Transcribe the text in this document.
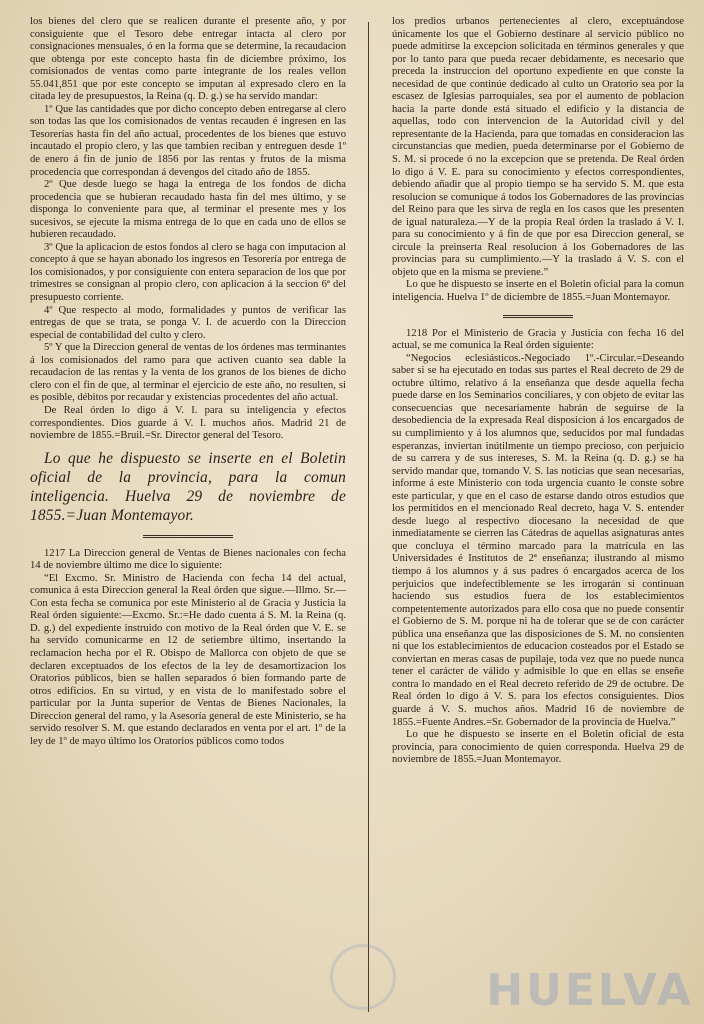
los bienes del clero que se realicen durante el presente año, y por consiguiente que el Tesoro debe entregar intacta al clero por consignaciones mensuales, ó en la forma que se determine, la recaudacion que obtenga por este concepto hasta fin de diciembre próximo, los comisionados de ventas como parte integrante de los reales vellon 55.041,851 que por este concepto se imputan al expresado clero en la citada ley de presupuestos, la Reina (q. D. g.) se ha servido mandar:

1º Que las cantidades que por dicho concepto deben entregarse al clero son todas las que los comisionados de ventas recauden é ingresen en las Tesorerías hasta fin del año actual, procedentes de los bienes que estuvo incautado el propio clero, y las que tambien reciban y entreguen desde 1º de enero á fin de junio de 1856 por las rentas y frutos de la misma procedencia que correspondan á devengos del citado año de 1855.

2º Que desde luego se haga la entrega de los fondos de dicha procedencia que se hubieran recaudado hasta fin del mes último, y se disponga lo conveniente para que, al terminar el presente mes y los sucesivos, se ejecute la misma entrega de lo que en cada uno de ellos se hubieren recaudado.

3º Que la aplicacion de estos fondos al clero se haga con imputacion al concepto á que se hayan abonado los ingresos en Tesorería por entrega de los comisionados, y por consiguiente con entera separacion de los que por trimestres se consignan al propio clero, con aplicacion á la seccion 6ª del presupuesto corriente.

4º Que respecto al modo, formalidades y puntos de verificar las entregas de que se trata, se ponga V. I. de acuerdo con la Direccion especial de contabilidad del culto y clero.

5º Y que la Direccion general de ventas de los órdenes mas terminantes á los comisionados del ramo para que activen cuanto sea dable la recaudacion de las rentas y la venta de los granos de los bienes de dicho clero con el fin de que, al terminar el ejercicio de este año, no resulten, si es posible, débitos por recaudar y existencias procedentes del año actual.

De Real órden lo digo á V. I. para su inteligencia y efectos correspondientes. Dios guarde á V. I. muchos años. Madrid 21 de noviembre de 1855.=Bruil.=Sr. Director general del Tesoro.

Lo que he dispuesto se inserte en el Boletin oficial de la provincia, para la comun inteligencia. Huelva 29 de noviembre de 1855.=Juan Montemayor.

1217 La Direccion general de Ventas de Bienes nacionales con fecha 14 de noviembre último me dice lo siguiente:

“El Excmo. Sr. Ministro de Hacienda con fecha 14 del actual, comunica á esta Direccion general la Real órden que sigue.—Illmo. Sr.—Con esta fecha se comunica por este Ministerio al de Gracia y Justicia la Real órden siguiente:—Excmo. Sr.:=He dado cuenta á S. M. la Reina (q. D. g.) del expediente instruido con motivo de la Real órden que V. E. se ha servido comunicarme en 12 de setiembre último, insertando la reclamacion hecha por el R. Obispo de Mallorca con objeto de que se declaren exceptuados de los efectos de la ley de desamortizacion los Oratorios públicos, bien se hallen separados ó bien formando parte de otros edificios. En su virtud, y en vista de lo manifestado sobre el particular por la Junta superior de Ventas de Bienes Nacionales, la Direccion general del ramo, y la Asesoría general de este Ministerio, se ha servido resolver S. M. que estando declarados en venta por el art. 1º de la ley de 1º de mayo último los Oratorios públicos como todos

los predios urbanos pertenecientes al clero, exceptuándose únicamente los que el Gobierno destinare al servicio público no puede admitirse la excepcion solicitada en términos generales y que por lo tanto para que pueda recaer debidamente, es necesario que preceda la instruccion del oportuno expediente en que conste la necesidad de que continúe dedicado al culto un Oratorio sea por la escasez de Iglesias parroquiales, sea por el aumento de poblacion hacia la parte donde está situado el edificio y la distancia de aquellas, todo con intervencion de la Autoridad civil y del representante de la Hacienda, para que tomadas en consideracion las circunstancias que medien, pueda determinarse por el Gobierno de S. M. si procede ó no la excepcion que se pretenda. De Real órden lo digo á V. E. para su conocimiento y efectos correspondientes, debiendo añadir que al propio tiempo se ha servido S. M. que esta resolucion se comunique á todos los Gobernadores de las provincias del Reino para que les sirva de regla en los casos que les presenten de igual naturaleza.—Y de la propia Real órden la traslado á V. I. para su conocimiento y á fin de que por esa Direccion general, se circule la preinserta Real resolucion á los Gobernadores de las provincias para su cumplimiento.—Y la traslado á V. S. con el objeto que en la misma se previene.”

Lo que he dispuesto se inserte en el Boletin oficial para la comun inteligencia. Huelva 1º de diciembre de 1855.=Juan Montemayor.

1218 Por el Ministerio de Gracia y Justicia con fecha 16 del actual, se me comunica la Real órden siguiente:

“Negocios eclesiásticos.-Negociado 1º.-Circular.=Deseando saber si se ha ejecutado en todas sus partes el Real decreto de 29 de octubre último, relativo á la enseñanza que desde aquella fecha puede darse en los Seminarios conciliares, y con objeto de evitar las consecuencias que necesariamente habrán de seguirse de la desobediencia de la expresada Real disposicion á los encargados de su cumplimiento y á los alumnos que, seducidos por mal fundadas esperanzas, inviertan inútilmente un tiempo precioso, con perjuicio de su carrera y de sus intereses, S. M. la Reina (q. D. g.) se ha servido mandar que, tomando V. S. las noticias que sean necesarias, informe á este Ministerio con toda urgencia cuanto le conste sobre este particular, y que en el caso de estarse dando otros estudios que los permitidos en el mencionado Real decreto, haga V. S. entender desde luego al respectivo diocesano la necesidad de que inmediatamente se cierren las Cátedras de aquellas asignaturas antes que concluya el término marcado para la matrícula en las Universidades é Institutos de 2ª enseñanza; ilustrando al mismo tiempo á los alumnos y á sus padres ó encargados acerca de los perjuicios que indefectiblemente se les irrogarán si continuan haciendo sus estudios fuera de los establecimientos competentemente autorizados para ello cosa que no puede consentir el Gobierno de S. M. porque ni ha de tolerar que se de con carácter pública una enseñanza que las disposiciones de S. M. no consienten ni que los establecimientos de educacion costeados por el Estado se conviertan en meras casas de pupilaje, toda vez que no puede nunca tener el carácter de válido y admisible lo que en ellas se enseñe contra lo mandado en el Real decreto referido de 29 de octubre. De Real órden lo digo á V. S. para los efectos consiguientes. Dios guarde á V. S. muchos años. Madrid 16 de noviembre de 1855.=Fuente Andres.=Sr. Gobernador de la provincia de Huelva.”

Lo que he dispuesto se inserte en el Boletin oficial de esta provincia, para conocimiento de quien corresponda. Huelva 29 de noviembre de 1855.=Juan Montemayor.

HUELVA
